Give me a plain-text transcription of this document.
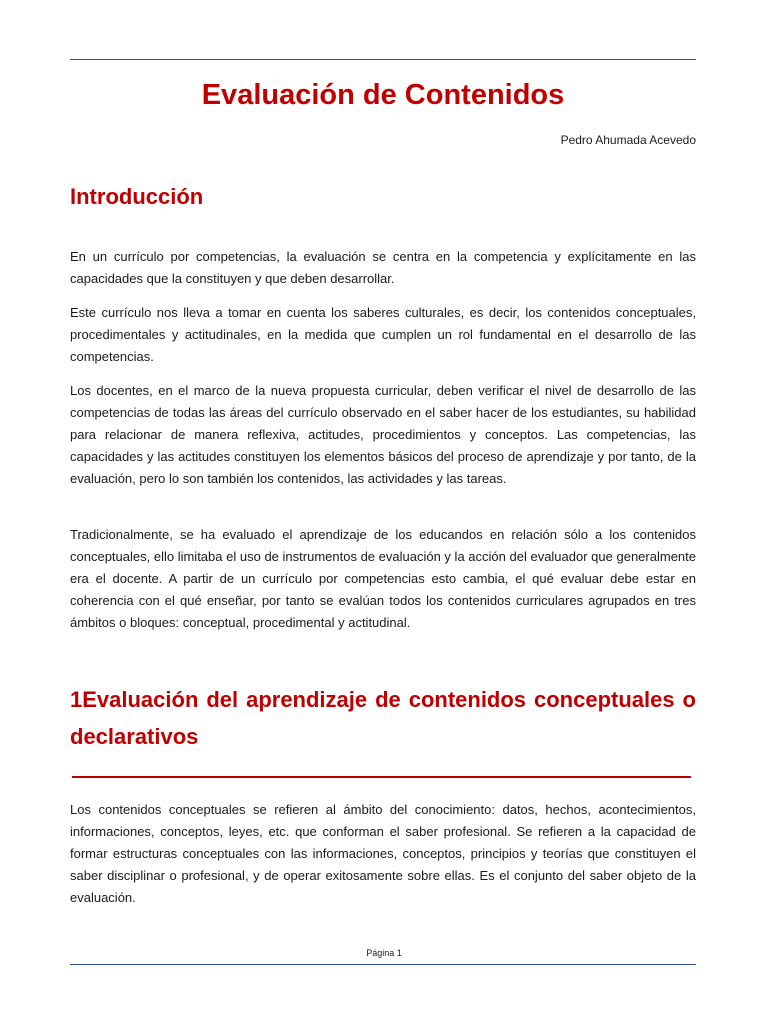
Evaluación de Contenidos
Pedro Ahumada Acevedo
Introducción

En un currículo por competencias, la evaluación se centra en la competencia y explícitamente en las capacidades que la constituyen y que deben desarrollar.

Este currículo nos lleva a tomar en cuenta los saberes culturales, es decir, los contenidos conceptuales, procedimentales y actitudinales, en la medida que cumplen un rol fundamental en el desarrollo de las competencias.

Los docentes, en el marco de la nueva propuesta curricular, deben verificar el nivel de desarrollo de las competencias de todas las áreas del currículo observado en el saber hacer de los estudiantes, su habilidad para relacionar de manera reflexiva, actitudes, procedimientos y conceptos. Las competencias, las capacidades y las actitudes constituyen los elementos básicos del proceso de aprendizaje y por tanto, de la evaluación, pero lo son también los contenidos, las actividades y las tareas.

Tradicionalmente, se ha evaluado el aprendizaje de los educandos en relación sólo a los contenidos conceptuales, ello limitaba el uso de instrumentos de evaluación y la acción del evaluador que generalmente era el docente. A partir de un currículo por competencias esto cambia, el qué evaluar debe estar en coherencia con el qué enseñar, por tanto se evalúan todos los contenidos curriculares agrupados en tres ámbitos o bloques: conceptual, procedimental y actitudinal.

1Evaluación del aprendizaje de contenidos conceptuales o declarativos

Los contenidos conceptuales se refieren al ámbito del conocimiento: datos, hechos, acontecimientos, informaciones, conceptos, leyes, etc. que conforman el saber profesional. Se refieren a la capacidad de formar estructuras conceptuales con las informaciones, conceptos, principios y teorías que constituyen el saber disciplinar o profesional, y de operar exitosamente sobre ellas. Es el conjunto del saber objeto de la evaluación.

Página 1
